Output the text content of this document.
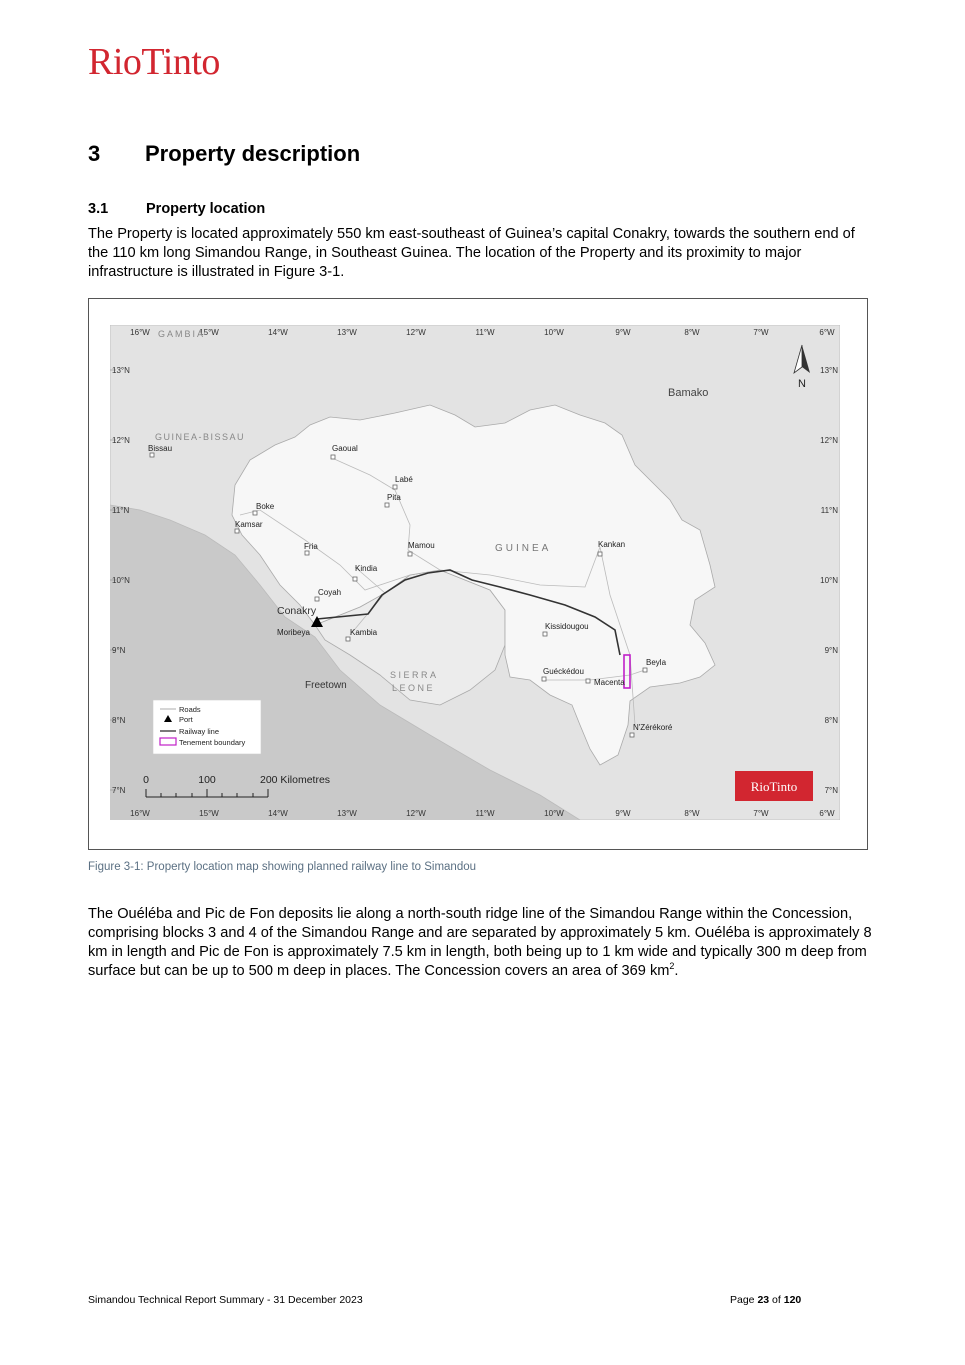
RioTinto
3 Property description
3.1	Property location
The Property is located approximately 550 km east-southeast of Guinea’s capital Conakry, towards the southern end of the 110 km long Simandou Range, in Southeast Guinea. The location of the Property and its proximity to major infrastructure is illustrated in Figure 3-1.
16°W	15°W	14°W	13°W	12°W	11°W	10°W	9°W	8°W	7°W	6°W
16°W	15°W	14°W	13°W	12°W	11°W	10°W	9°W	8°W	7°W	6°W
13°N
12°N
11°N
10°N
9°N
8°N
7°N
13°N
12°N
11°N
10°N
9°N
8°N
7°N
N
GAMBIA
GUINEA-BISSAU
GUINEA
SIERRA
LEONE
Bamako
Bissau	Gaoual
Labé
Pita
Boke
Kamsar
Fria	Mamou	Kankan
Kindia
Coyah
Conakry
Moribeya	Kambia
Kissidougou
Guéckédou
Macenta
Beyla
Freetown
N'Zérékoré
Roads
Port
Railway line
Tenement boundary
0	100	200 Kilometres	RioTinto
Figure 3-1: Property location map showing planned railway line to Simandou
The Ouéléba and Pic de Fon deposits lie along a north-south ridge line of the Simandou Range within the Concession, comprising blocks 3 and 4 of the Simandou Range and are separated by approximately 5 km. Ouéléba is approximately 8 km in length and Pic de Fon is approximately 7.5 km in length, both being up to 1 km wide and typically 300 m deep from surface but can be up to 500 m deep in places. The Concession covers an area of 369 $km^2$.
Simandou Technical Report Summary - 31 December 2023	Page 23 of 120
